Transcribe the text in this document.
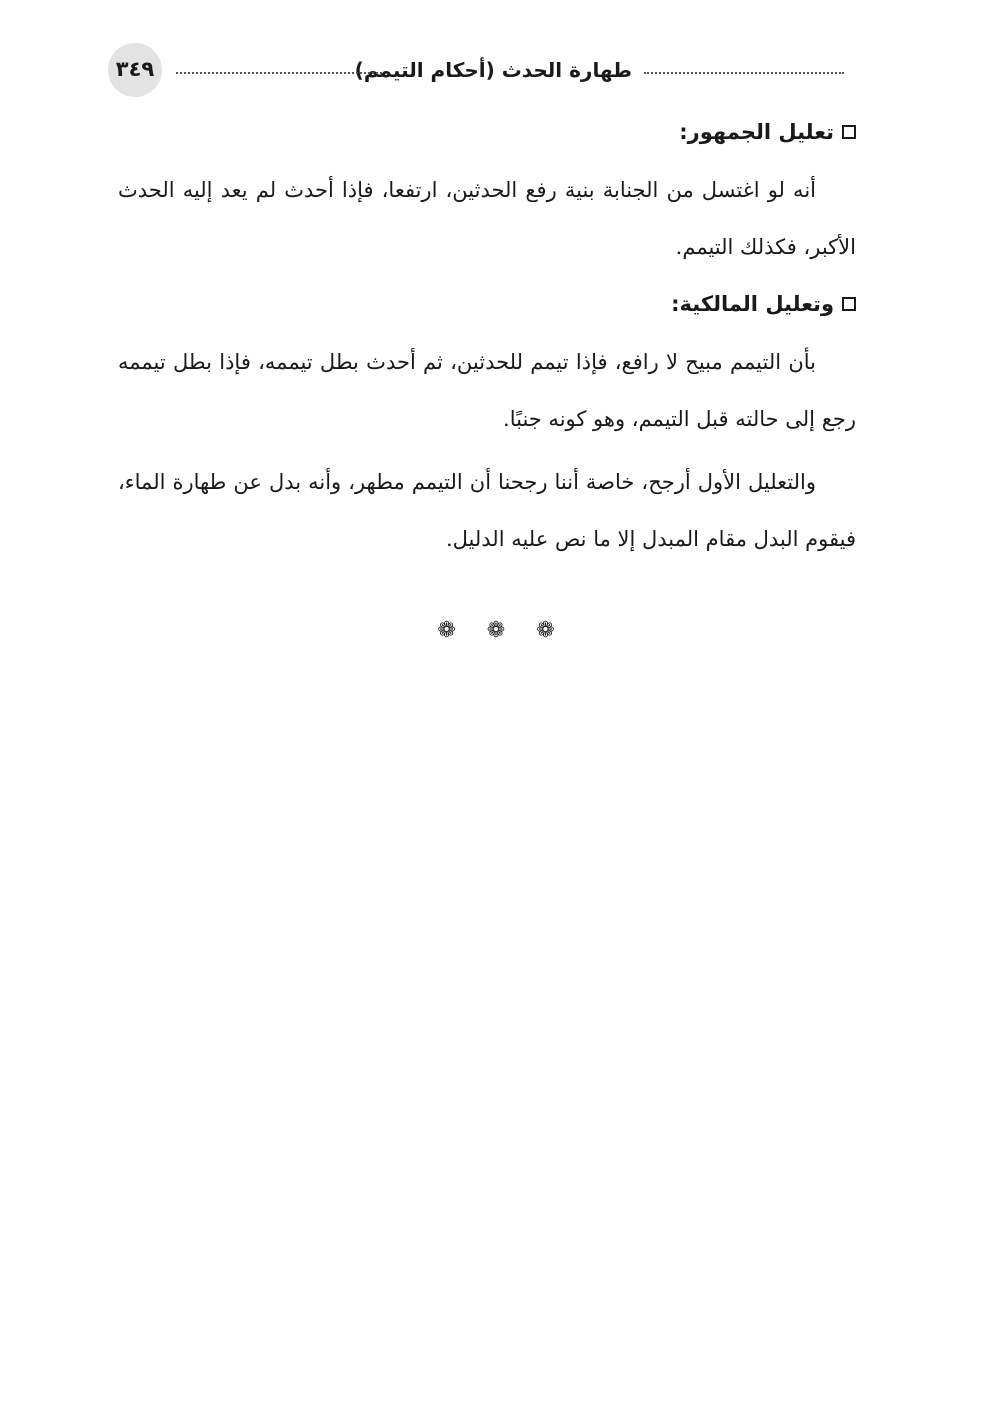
طهارة الحدث (أحكام التيمم)
٣٤٩
تعليل الجمهور:

أنه لو اغتسل من الجنابة بنية رفع الحدثين، ارتفعا، فإذا أحدث لم يعد إليه الحدث الأكبر، فكذلك التيمم.

وتعليل المالكية:

بأن التيمم مبيح لا رافع، فإذا تيمم للحدثين، ثم أحدث بطل تيممه، فإذا بطل تيممه رجع إلى حالته قبل التيمم، وهو كونه جنبًا.

والتعليل الأول أرجح، خاصة أننا رجحنا أن التيمم مطهر، وأنه بدل عن طهارة الماء، فيقوم البدل مقام المبدل إلا ما نص عليه الدليل.

❁ ❁ ❁
